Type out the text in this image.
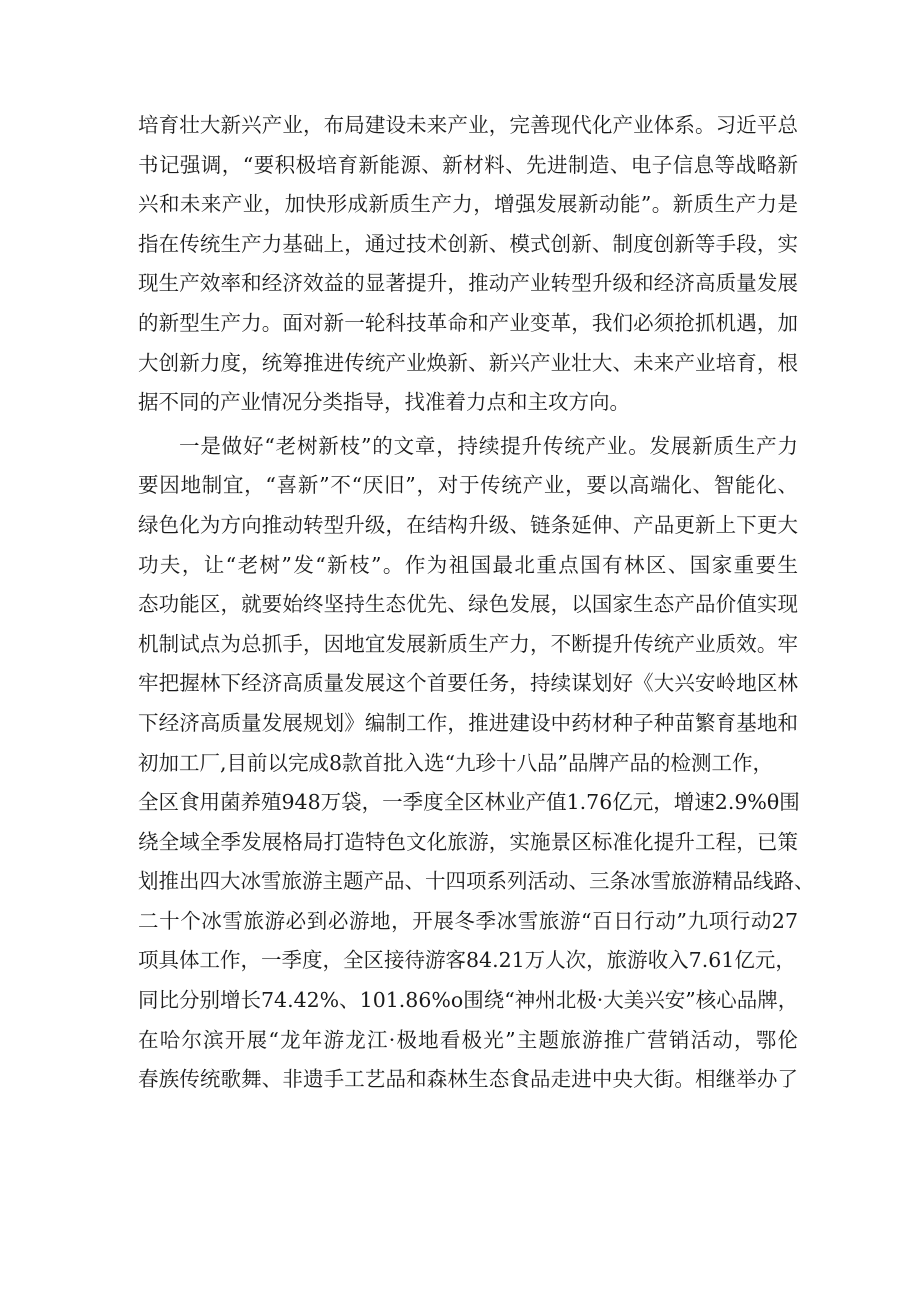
培育壮大新兴产业，布局建设未来产业，完善现代化产业体系。习近平总
书记强调，“要积极培育新能源、新材料、先进制造、电子信息等战略新
兴和未来产业，加快形成新质生产力，增强发展新动能”。新质生产力是
指在传统生产力基础上，通过技术创新、模式创新、制度创新等手段，实
现生产效率和经济效益的显著提升，推动产业转型升级和经济高质量发展
的新型生产力。面对新一轮科技革命和产业变革，我们必须抢抓机遇，加
大创新力度，统筹推进传统产业焕新、新兴产业壮大、未来产业培育，根
据不同的产业情况分类指导，找准着力点和主攻方向。
一是做好“老树新枝”的文章，持续提升传统产业。发展新质生产力
要因地制宜，“喜新”不“厌旧”，对于传统产业，要以高端化、智能化、
绿色化为方向推动转型升级，在结构升级、链条延伸、产品更新上下更大
功夫，让“老树”发“新枝”。作为祖国最北重点国有林区、国家重要生
态功能区，就要始终坚持生态优先、绿色发展，以国家生态产品价值实现
机制试点为总抓手，因地宜发展新质生产力，不断提升传统产业质效。牢
牢把握林下经济高质量发展这个首要任务，持续谋划好《大兴安岭地区林
下经济高质量发展规划》编制工作，推进建设中药材种子种苗繁育基地和
初加工厂,目前以完成8款首批入选“九珍十八品”品牌产品的检测工作，
全区食用菌养殖948万袋，一季度全区林业产值1.76亿元，增速2.9%θ围
绕全域全季发展格局打造特色文化旅游，实施景区标准化提升工程，已策
划推出四大冰雪旅游主题产品、十四项系列活动、三条冰雪旅游精品线路、
二十个冰雪旅游必到必游地，开展冬季冰雪旅游“百日行动”九项行动27
项具体工作，一季度，全区接待游客84.21万人次，旅游收入7.61亿元，
同比分别增长74.42%、101.86%o围绕“神州北极·大美兴安”核心品牌，
在哈尔滨开展“龙年游龙江·极地看极光”主题旅游推广营销活动，鄂伦
春族传统歌舞、非遗手工艺品和森林生态食品走进中央大街。相继举办了
